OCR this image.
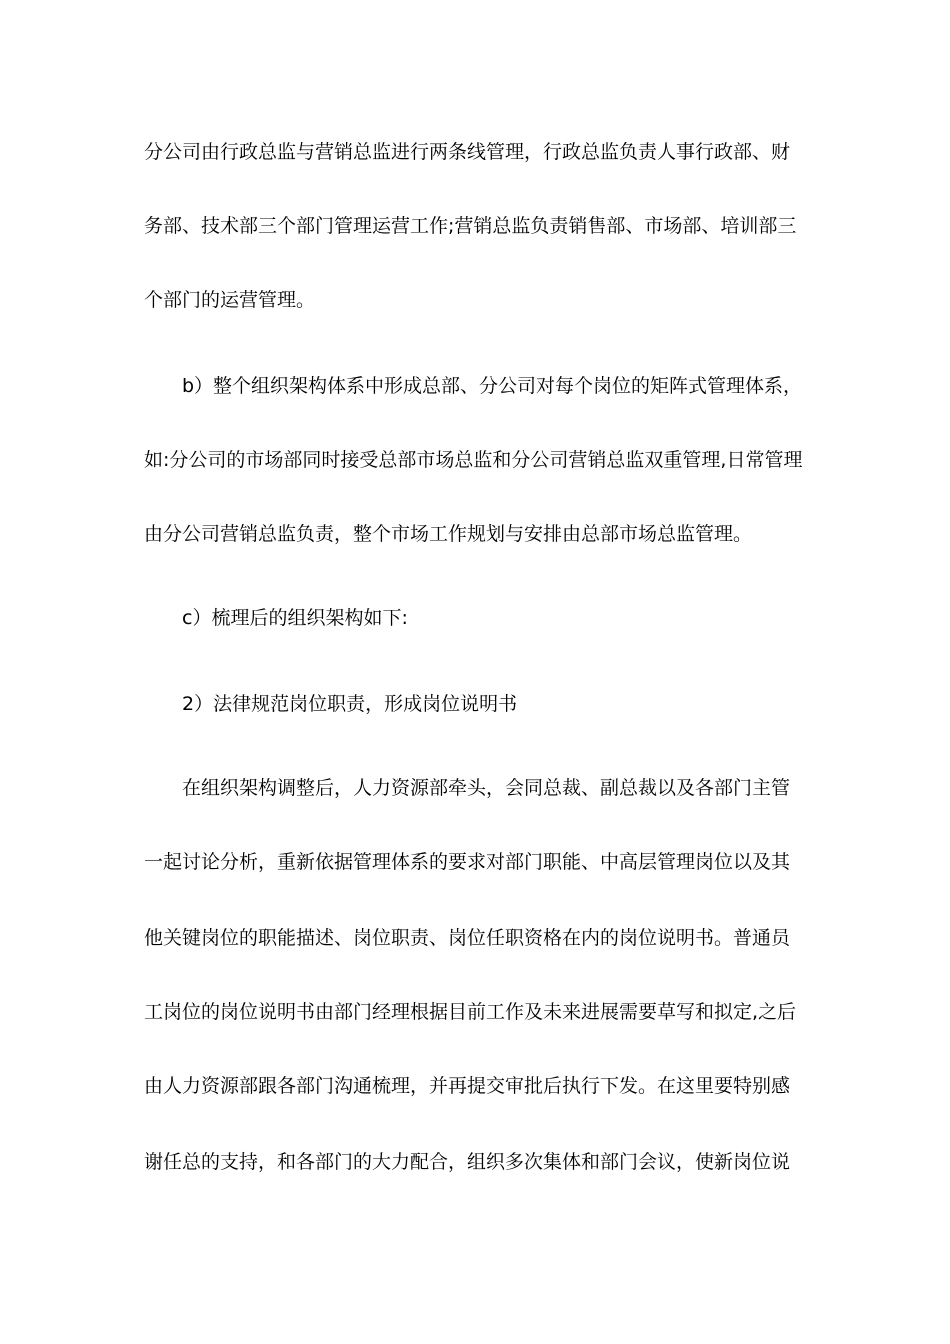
分公司由行政总监与营销总监进行两条线管理，行政总监负责人事行政部、财
务部、技术部三个部门管理运营工作;营销总监负责销售部、市场部、培训部三
个部门的运营管理。
b）整个组织架构体系中形成总部、分公司对每个岗位的矩阵式管理体系，
如:分公司的市场部同时接受总部市场总监和分公司营销总监双重管理,日常管理
由分公司营销总监负责，整个市场工作规划与安排由总部市场总监管理。
c）梳理后的组织架构如下:
2）法律规范岗位职责，形成岗位说明书
在组织架构调整后，人力资源部牵头，会同总裁、副总裁以及各部门主管
一起讨论分析，重新依据管理体系的要求对部门职能、中高层管理岗位以及其
他关键岗位的职能描述、岗位职责、岗位任职资格在内的岗位说明书。普通员
工岗位的岗位说明书由部门经理根据目前工作及未来进展需要草写和拟定,之后
由人力资源部跟各部门沟通梳理，并再提交审批后执行下发。在这里要特别感
谢任总的支持，和各部门的大力配合，组织多次集体和部门会议，使新岗位说
